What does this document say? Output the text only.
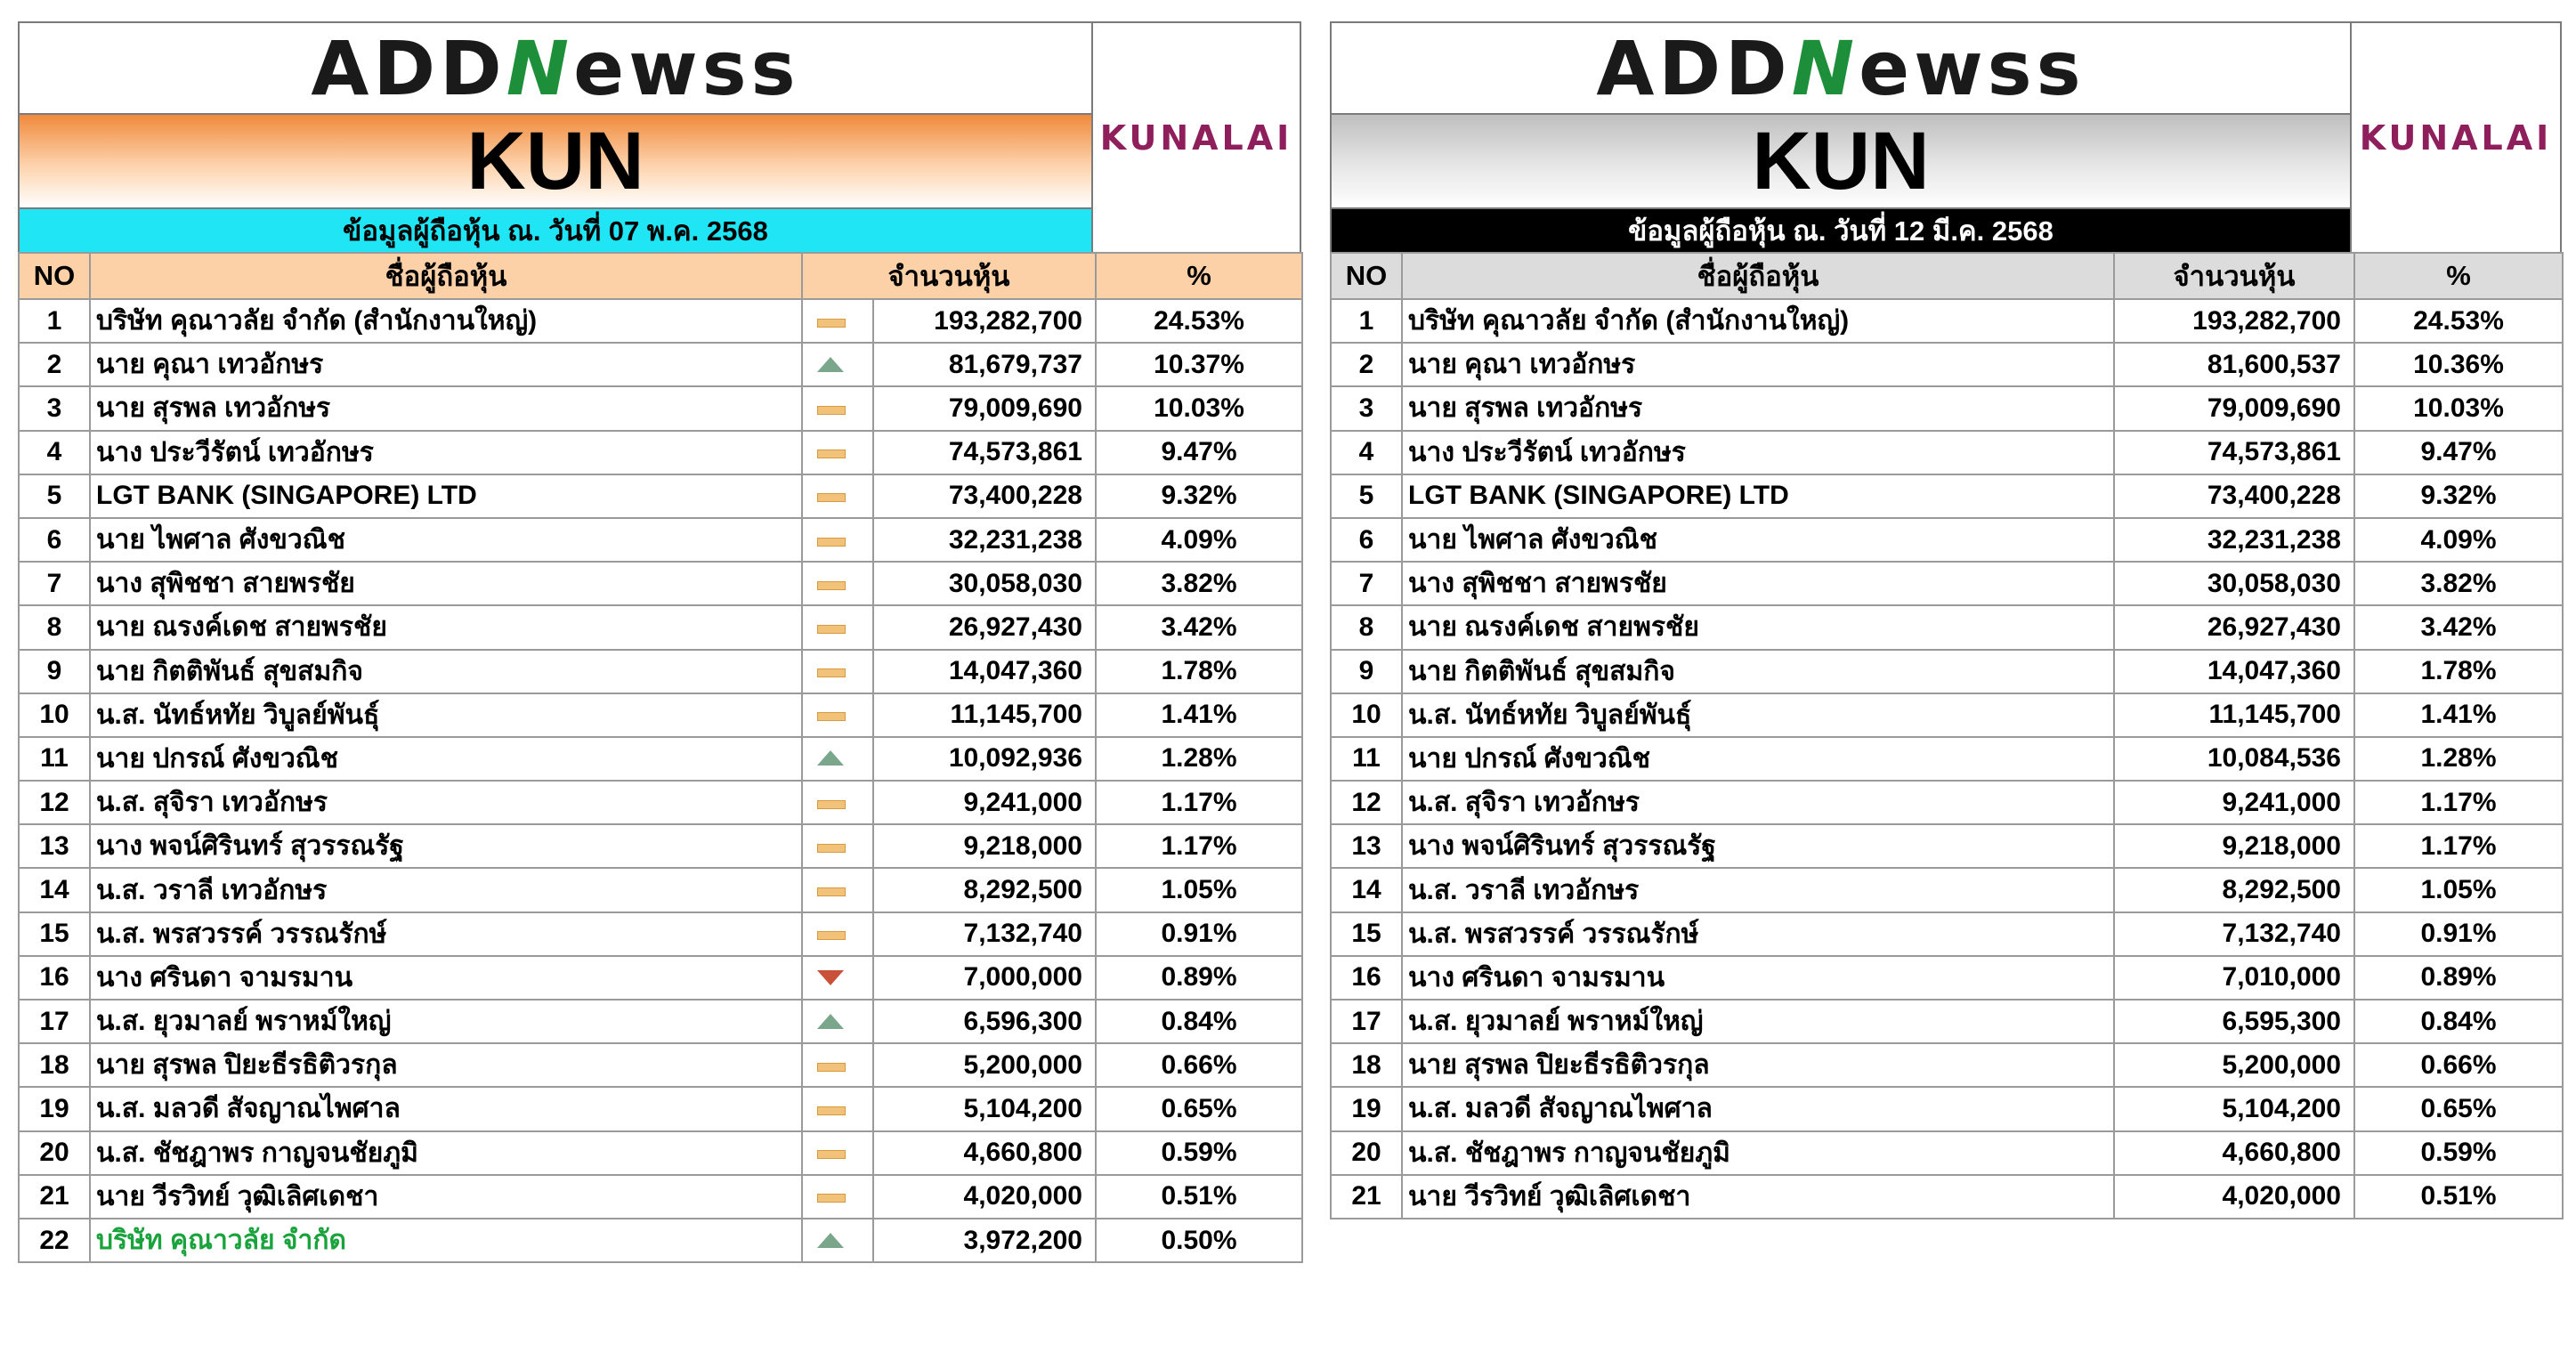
ADDNewss
KUN
ข้อมูลผู้ถือหุ้น ณ. วันที่ 07 พ.ค. 2568
KUNALAI
NO	ชื่อผู้ถือหุ้น	จำนวนหุ้น		%
1	บริษัท คุณาวลัย จำกัด (สำนักงานใหญ่)		193,282,700	24.53%
2	นาย คุณา เทวอักษร		81,679,737	10.37%
3	นาย สุรพล เทวอักษร		79,009,690	10.03%
4	นาง ประวีรัตน์ เทวอักษร		74,573,861	9.47%
5	LGT BANK (SINGAPORE) LTD		73,400,228	9.32%
6	นาย ไพศาล ศังขวณิช		32,231,238	4.09%
7	นาง สุพิชชา สายพรชัย		30,058,030	3.82%
8	นาย ณรงค์เดช สายพรชัย		26,927,430	3.42%
9	นาย กิตติพันธ์ สุขสมกิจ		14,047,360	1.78%
10	น.ส. นัทธ์หทัย วิบูลย์พันธุ์		11,145,700	1.41%
11	นาย ปกรณ์ ศังขวณิช		10,092,936	1.28%
12	น.ส. สุจิรา เทวอักษร		9,241,000	1.17%
13	นาง พจน์ศิรินทร์ สุวรรณรัฐ		9,218,000	1.17%
14	น.ส. วราลี เทวอักษร		8,292,500	1.05%
15	น.ส. พรสวรรค์ วรรณรักษ์		7,132,740	0.91%
16	นาง ศรินดา จามรมาน		7,000,000	0.89%
17	น.ส. ยุวมาลย์ พราหม์ใหญ่		6,596,300	0.84%
18	นาย สุรพล ปิยะธีรธิติวรกุล		5,200,000	0.66%
19	น.ส. มลวดี สัจญาณไพศาล		5,104,200	0.65%
20	น.ส. ชัชฎาพร กาญจนชัยภูมิ		4,660,800	0.59%
21	นาย วีรวิทย์ วุฒิเลิศเดชา		4,020,000	0.51%
22	บริษัท คุณาวลัย จำกัด		3,972,200	0.50%
ADDNewss
KUN
ข้อมูลผู้ถือหุ้น ณ. วันที่ 12 มี.ค. 2568
KUNALAI
NO	ชื่อผู้ถือหุ้น	จำนวนหุ้น	%
1	บริษัท คุณาวลัย จำกัด (สำนักงานใหญ่)	193,282,700	24.53%
2	นาย คุณา เทวอักษร	81,600,537	10.36%
3	นาย สุรพล เทวอักษร	79,009,690	10.03%
4	นาง ประวีรัตน์ เทวอักษร	74,573,861	9.47%
5	LGT BANK (SINGAPORE) LTD	73,400,228	9.32%
6	นาย ไพศาล ศังขวณิช	32,231,238	4.09%
7	นาง สุพิชชา สายพรชัย	30,058,030	3.82%
8	นาย ณรงค์เดช สายพรชัย	26,927,430	3.42%
9	นาย กิตติพันธ์ สุขสมกิจ	14,047,360	1.78%
10	น.ส. นัทธ์หทัย วิบูลย์พันธุ์	11,145,700	1.41%
11	นาย ปกรณ์ ศังขวณิช	10,084,536	1.28%
12	น.ส. สุจิรา เทวอักษร	9,241,000	1.17%
13	นาง พจน์ศิรินทร์ สุวรรณรัฐ	9,218,000	1.17%
14	น.ส. วราลี เทวอักษร	8,292,500	1.05%
15	น.ส. พรสวรรค์ วรรณรักษ์	7,132,740	0.91%
16	นาง ศรินดา จามรมาน	7,010,000	0.89%
17	น.ส. ยุวมาลย์ พราหม์ใหญ่	6,595,300	0.84%
18	นาย สุรพล ปิยะธีรธิติวรกุล	5,200,000	0.66%
19	น.ส. มลวดี สัจญาณไพศาล	5,104,200	0.65%
20	น.ส. ชัชฎาพร กาญจนชัยภูมิ	4,660,800	0.59%
21	นาย วีรวิทย์ วุฒิเลิศเดชา	4,020,000	0.51%
